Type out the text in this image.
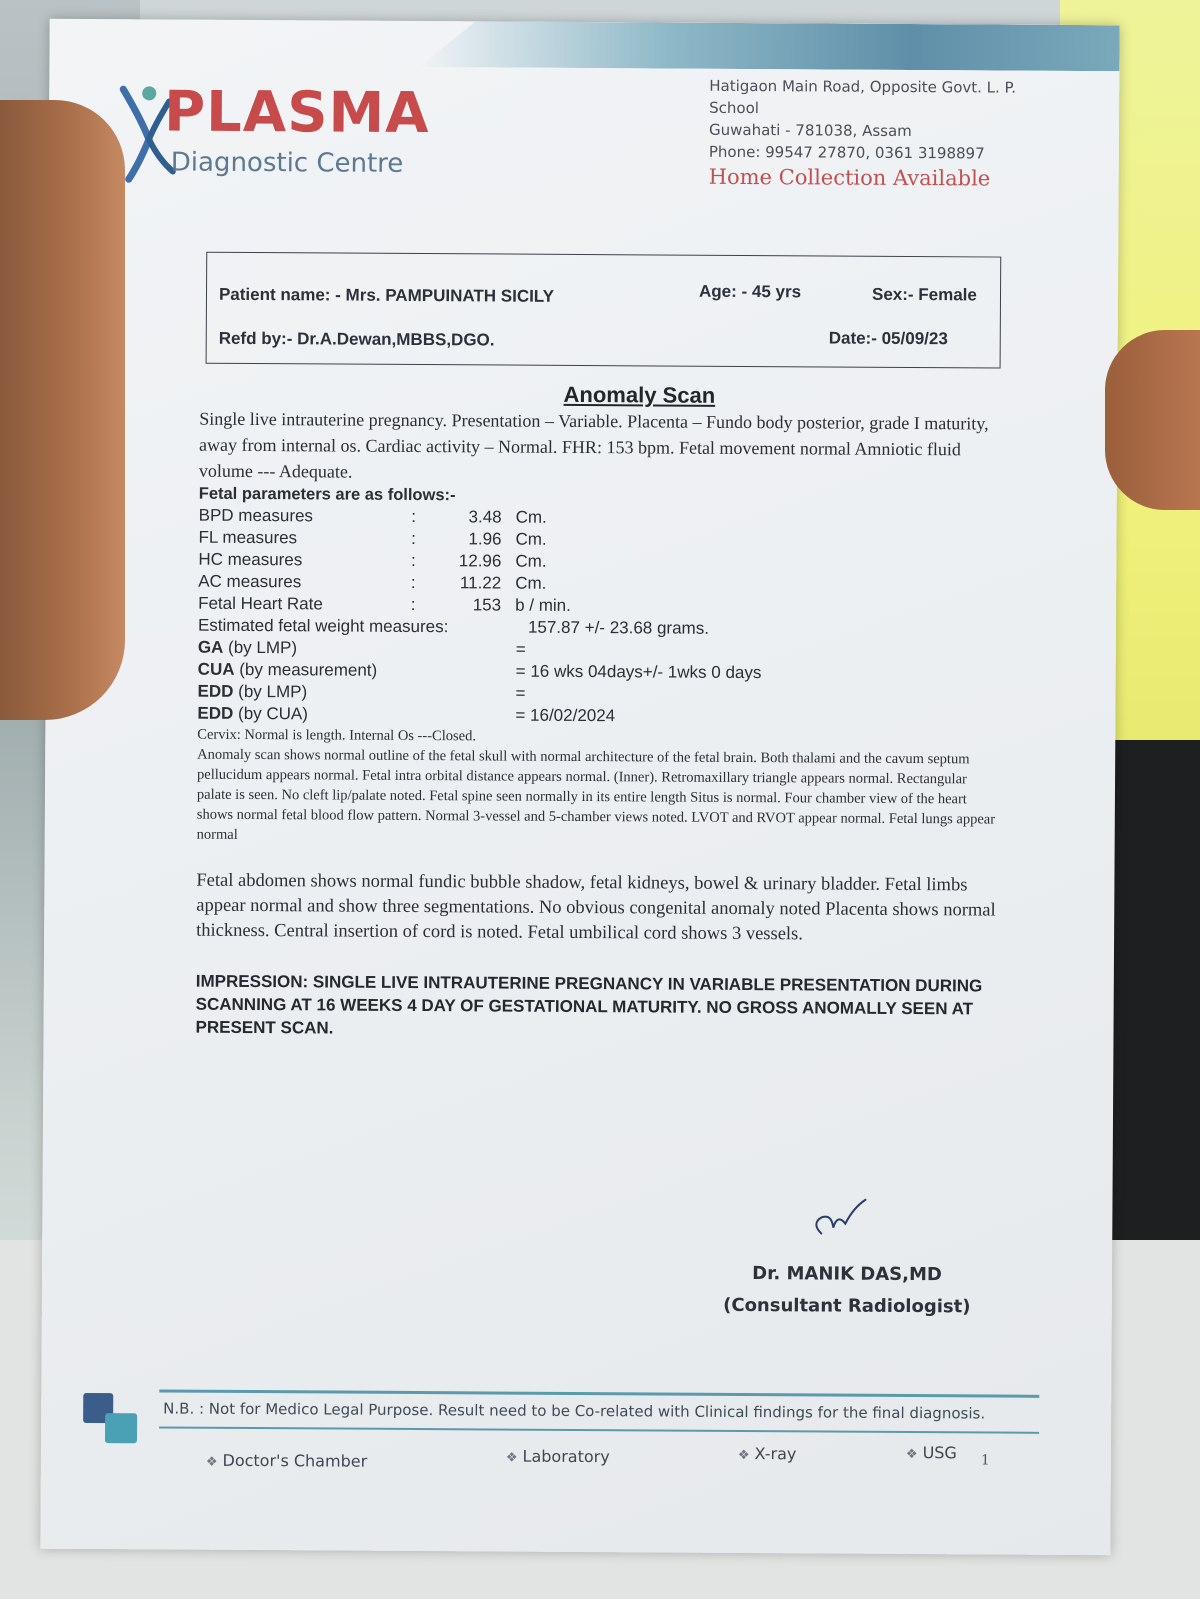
PLASMA
Diagnostic Centre
Hatigaon Main Road, Opposite Govt. L. P. School
Guwahati - 781038, Assam
Phone: 99547 27870, 0361 3198897
Home Collection Available
Patient name: - Mrs. PAMPUINATH SICILY	Age: - 45 yrs	Sex:- Female
Refd by:- Dr.A.Dewan,MBBS,DGO.	Date:- 05/09/23
Anomaly Scan
Single live intrauterine pregnancy. Presentation – Variable. Placenta – Fundo body posterior, grade I maturity, away from internal os. Cardiac activity – Normal. FHR: 153 bpm. Fetal movement normal Amniotic fluid volume --- Adequate.
Fetal parameters are as follows:-
BPD measures	:	3.48 Cm.
FL measures	:	1.96 Cm.
HC measures	:	12.96 Cm.
AC measures	:	11.22 Cm.
Fetal Heart Rate	:	153 b / min.
Estimated fetal weight measures:	157.87 +/- 23.68 grams.
GA (by LMP)	=
CUA (by measurement)	= 16 wks 04days+/- 1wks 0 days
EDD (by LMP)	=
EDD (by CUA)	= 16/02/2024
Cervix: Normal is length. Internal Os ---Closed.
Anomaly scan shows normal outline of the fetal skull with normal architecture of the fetal brain. Both thalami and the cavum septum pellucidum appears normal. Fetal intra orbital distance appears normal. (Inner). Retromaxillary triangle appears normal. Rectangular palate is seen. No cleft lip/palate noted. Fetal spine seen normally in its entire length Situs is normal. Four chamber view of the heart shows normal fetal blood flow pattern. Normal 3-vessel and 5-chamber views noted. LVOT and RVOT appear normal. Fetal lungs appear normal
Fetal abdomen shows normal fundic bubble shadow, fetal kidneys, bowel & urinary bladder. Fetal limbs appear normal and show three segmentations. No obvious congenital anomaly noted Placenta shows normal thickness. Central insertion of cord is noted. Fetal umbilical cord shows 3 vessels.
IMPRESSION: SINGLE LIVE INTRAUTERINE PREGNANCY IN VARIABLE PRESENTATION DURING SCANNING AT 16 WEEKS 4 DAY OF GESTATIONAL MATURITY. NO GROSS ANOMALLY SEEN AT PRESENT SCAN.
Dr. MANIK DAS,MD
(Consultant Radiologist)
N.B. : Not for Medico Legal Purpose. Result need to be Co-related with Clinical findings for the final diagnosis.
❖ Doctor's Chamber	❖ Laboratory	❖ X-ray	❖ USG 1
